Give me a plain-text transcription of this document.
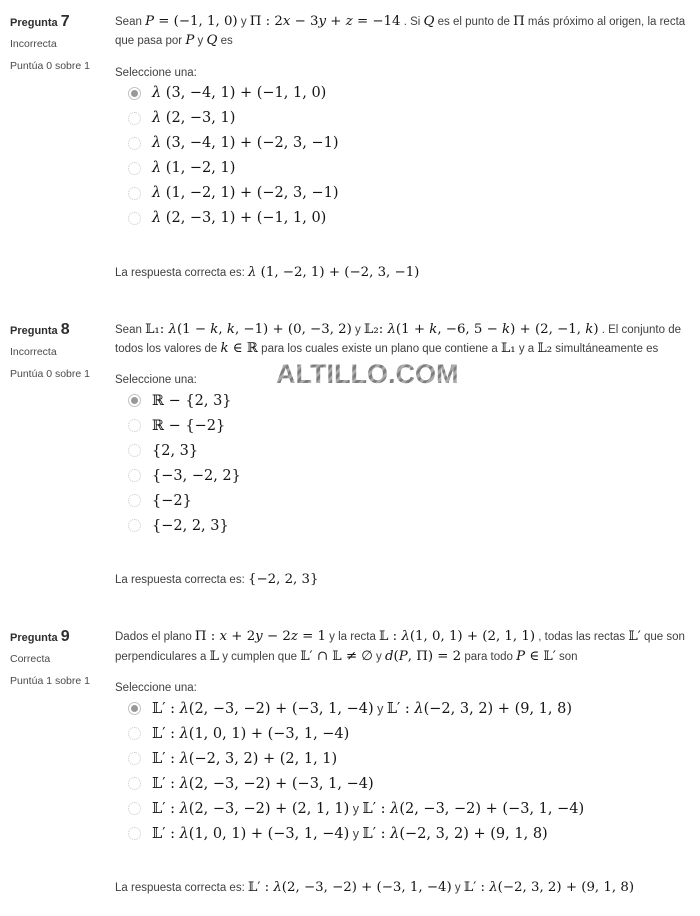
ALTILLO.COM
Pregunta 7
Incorrecta
Puntúa 0 sobre 1
Sean P = (−1, 1, 0) y Π : 2x − 3y + z = −14 . Si Q es el punto de Π más próximo al origen, la recta que pasa por P y Q es
Seleccione una:
λ (3, −4, 1) + (−1, 1, 0)
λ (2, −3, 1)
λ (3, −4, 1) + (−2, 3, −1)
λ (1, −2, 1)
λ (1, −2, 1) + (−2, 3, −1)
λ (2, −3, 1) + (−1, 1, 0)
La respuesta correcta es: λ (1, −2, 1) + (−2, 3, −1)
Pregunta 8
Incorrecta
Puntúa 0 sobre 1
Sean 𝕃₁: λ(1 − k, k, −1) + (0, −3, 2) y 𝕃₂: λ(1 + k, −6, 5 − k) + (2, −1, k) . El conjunto de todos los valores de k ∈ ℝ para los cuales existe un plano que contiene a 𝕃₁ y a 𝕃₂ simultáneamente es
Seleccione una:
ℝ − {2, 3}
ℝ − {−2}
{2, 3}
{−3, −2, 2}
{−2}
{−2, 2, 3}
La respuesta correcta es: {−2, 2, 3}
Pregunta 9
Correcta
Puntúa 1 sobre 1
Dados el plano Π : x + 2y − 2z = 1 y la recta 𝕃 : λ(1, 0, 1) + (2, 1, 1) , todas las rectas 𝕃′ que son perpendiculares a 𝕃 y cumplen que 𝕃′ ∩ 𝕃 ≠ ∅ y d(P, Π) = 2 para todo P ∈ 𝕃′ son
Seleccione una:
𝕃′ : λ(2, −3, −2) + (−3, 1, −4) y 𝕃′ : λ(−2, 3, 2) + (9, 1, 8)
𝕃′ : λ(1, 0, 1) + (−3, 1, −4)
𝕃′ : λ(−2, 3, 2) + (2, 1, 1)
𝕃′ : λ(2, −3, −2) + (−3, 1, −4)
𝕃′ : λ(2, −3, −2) + (2, 1, 1) y 𝕃′ : λ(2, −3, −2) + (−3, 1, −4)
𝕃′ : λ(1, 0, 1) + (−3, 1, −4) y 𝕃′ : λ(−2, 3, 2) + (9, 1, 8)
La respuesta correcta es: 𝕃′ : λ(2, −3, −2) + (−3, 1, −4) y 𝕃′ : λ(−2, 3, 2) + (9, 1, 8)
